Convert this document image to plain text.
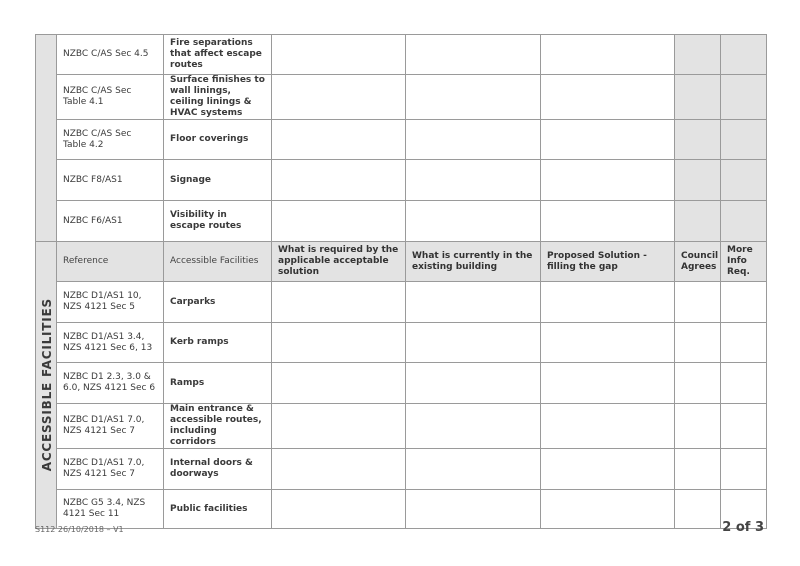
	NZBC C/AS Sec 4.5	Fire separations that affect escape routes					
	NZBC C/AS Sec Table 4.1	Surface finishes to wall linings, ceiling linings & HVAC systems					
	NZBC C/AS Sec Table 4.2	Floor coverings					
	NZBC F8/AS1	Signage					
	NZBC F6/AS1	Visibility in escape routes					

ACCESSIBLE FACILITIES	Reference	Accessible Facilities	What is required by the applicable acceptable solution	What is currently in the existing building	Proposed Solution - filling the gap	Council Agrees	More Info Req.
	NZBC D1/AS1 10, NZS 4121 Sec 5	Carparks					
	NZBC D1/AS1 3.4, NZS 4121 Sec 6, 13	Kerb ramps					
	NZBC D1 2.3, 3.0 & 6.0, NZS 4121 Sec 6	Ramps					
	NZBC D1/AS1 7.0, NZS 4121 Sec 7	Main entrance & accessible routes, including corridors					
	NZBC D1/AS1 7.0, NZS 4121 Sec 7	Internal doors & doorways					
	NZBC G5 3.4, NZS 4121 Sec 11	Public facilities					
S112 26/10/2018 – V1	2 of 3
